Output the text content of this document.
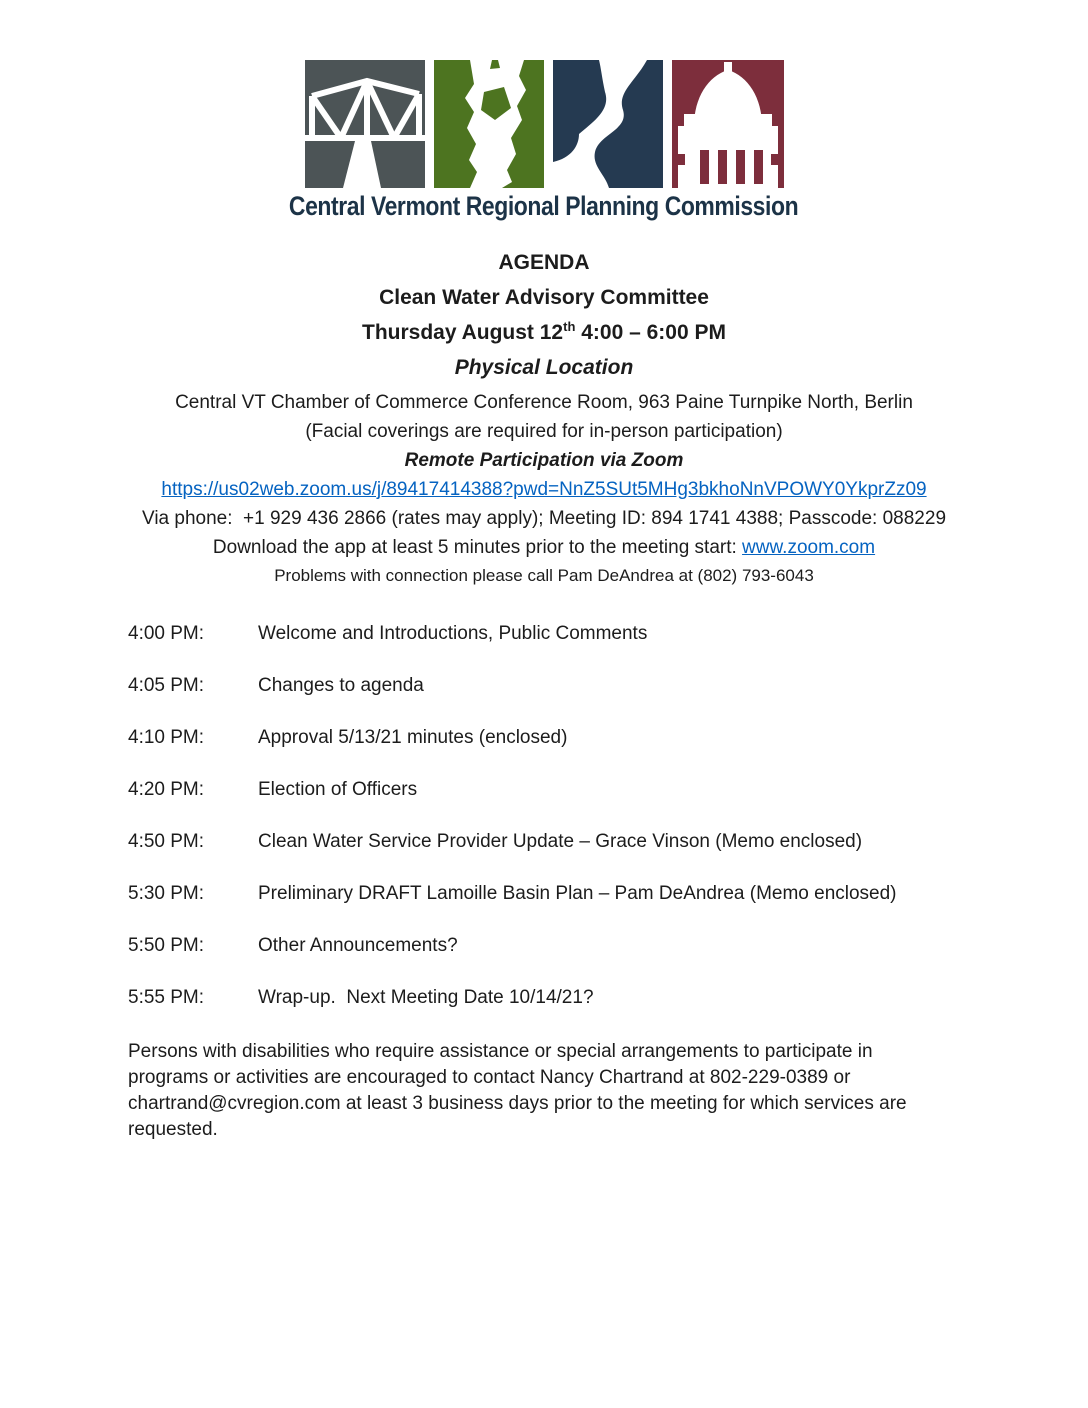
Central Vermont Regional Planning Commission
AGENDA
Clean Water Advisory Committee
Thursday August 12th 4:00 – 6:00 PM
Physical Location
Central VT Chamber of Commerce Conference Room, 963 Paine Turnpike North, Berlin
(Facial coverings are required for in-person participation)
Remote Participation via Zoom
https://us02web.zoom.us/j/89417414388?pwd=NnZ5SUt5MHg3bkhoNnVPOWY0YkprZz09
Via phone:  +1 929 436 2866 (rates may apply); Meeting ID: 894 1741 4388; Passcode: 088229
Download the app at least 5 minutes prior to the meeting start: www.zoom.com
Problems with connection please call Pam DeAndrea at (802) 793-6043
4:00 PM:	Welcome and Introductions, Public Comments
4:05 PM:	Changes to agenda
4:10 PM:	Approval 5/13/21 minutes (enclosed)
4:20 PM:	Election of Officers
4:50 PM:	Clean Water Service Provider Update – Grace Vinson (Memo enclosed)
5:30 PM:	Preliminary DRAFT Lamoille Basin Plan – Pam DeAndrea (Memo enclosed)
5:50 PM:	Other Announcements?
5:55 PM:	Wrap-up.  Next Meeting Date 10/14/21?
Persons with disabilities who require assistance or special arrangements to participate in programs or activities are encouraged to contact Nancy Chartrand at 802-229-0389 or chartrand@cvregion.com at least 3 business days prior to the meeting for which services are requested.
